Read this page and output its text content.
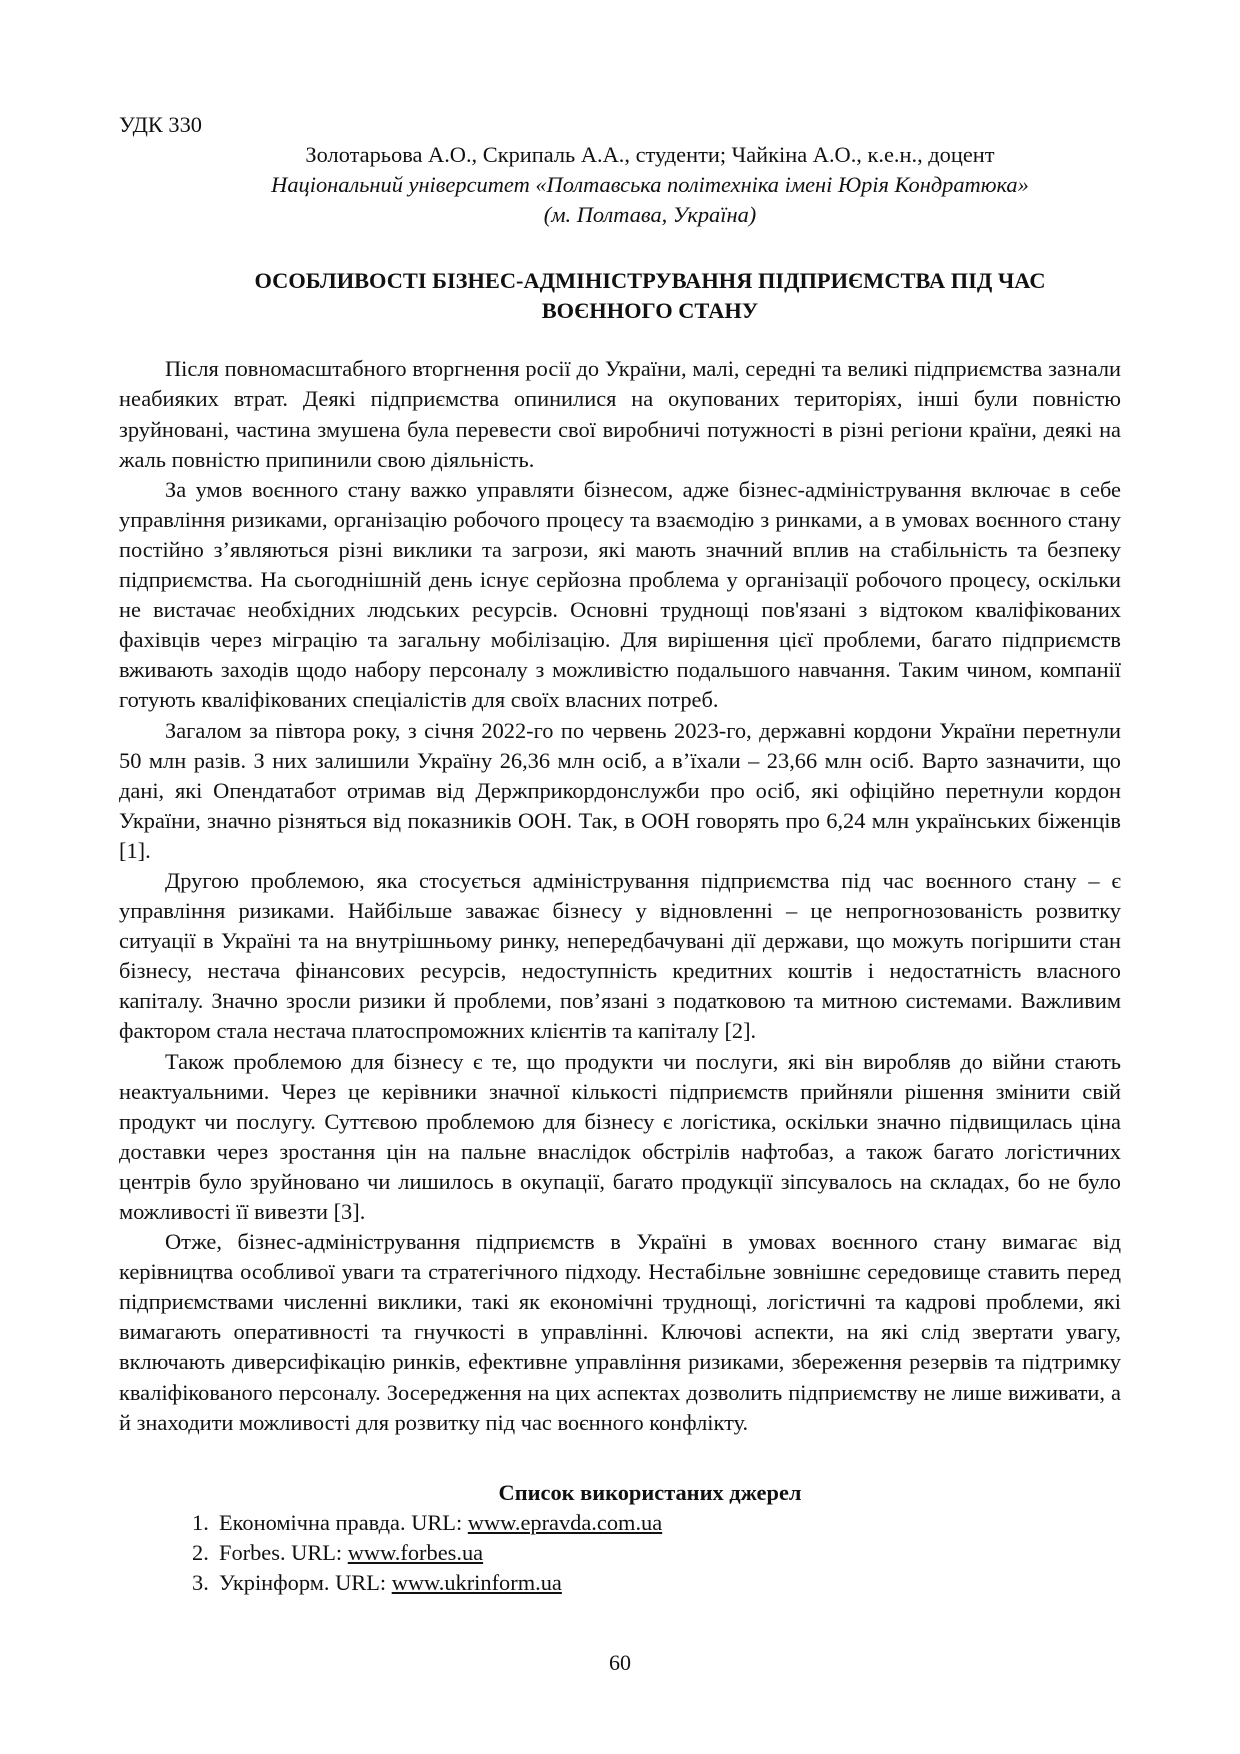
УДК 330

Золотарьова А.О., Скрипаль А.А., студенти; Чайкіна А.О., к.е.н., доцент

Національний університет «Полтавська політехніка імені Юрія Кондратюка»

(м. Полтава, Україна)

ОСОБЛИВОСТІ БІЗНЕС-АДМІНІСТРУВАННЯ ПІДПРИЄМСТВА ПІД ЧАС
ВОЄННОГО СТАНУ

Після повномасштабного вторгнення росії до України, малі, середні та великі підприємства зазнали неабияких втрат. Деякі підприємства опинилися на окупованих територіях, інші були повністю зруйновані, частина змушена була перевести свої виробничі потужності в різні регіони країни, деякі на жаль повністю припинили свою діяльність.

За умов воєнного стану важко управляти бізнесом, адже бізнес-адміністрування включає в себе управління ризиками, організацію робочого процесу та взаємодію з ринками, а в умовах воєнного стану постійно з’являються різні виклики та загрози, які мають значний вплив на стабільність та безпеку підприємства. На сьогоднішній день існує серйозна проблема у організації робочого процесу, оскільки не вистачає необхідних людських ресурсів. Основні труднощі пов'язані з відтоком кваліфікованих фахівців через міграцію та загальну мобілізацію. Для вирішення цієї проблеми, багато підприємств вживають заходів щодо набору персоналу з можливістю подальшого навчання. Таким чином, компанії готують кваліфікованих спеціалістів для своїх власних потреб.

Загалом за півтора року, з січня 2022-го по червень 2023-го, державні кордони України перетнули 50 млн разів. З них залишили Україну 26,36 млн осіб, а в’їхали – 23,66 млн осіб. Варто зазначити, що дані, які Опендатабот отримав від Держприкордонслужби про осіб, які офіційно перетнули кордон України, значно різняться від показників ООН. Так, в ООН говорять про 6,24 млн українських біженців [1].

Другою проблемою, яка стосується адміністрування підприємства під час воєнного стану – є управління ризиками. Найбільше заважає бізнесу у відновленні – це непрогнозованість розвитку ситуації в Україні та на внутрішньому ринку, непередбачувані дії держави, що можуть погіршити стан бізнесу, нестача фінансових ресурсів, недоступність кредитних коштів і недостатність власного капіталу. Значно зросли ризики й проблеми, пов’язані з податковою та митною системами. Важливим фактором стала нестача платоспроможних клієнтів та капіталу [2].

Також проблемою для бізнесу є те, що продукти чи послуги, які він виробляв до війни стають неактуальними. Через це керівники значної кількості підприємств прийняли рішення змінити свій продукт чи послугу. Суттєвою проблемою для бізнесу є логістика, оскільки значно підвищилась ціна доставки через зростання цін на пальне внаслідок обстрілів нафтобаз, а також багато логістичних центрів було зруйновано чи лишилось в окупації, багато продукції зіпсувалось на складах, бо не було можливості її вивезти [3].

Отже, бізнес-адміністрування підприємств в Україні в умовах воєнного стану вимагає від керівництва особливої уваги та стратегічного підходу. Нестабільне зовнішнє середовище ставить перед підприємствами численні виклики, такі як економічні труднощі, логістичні та кадрові проблеми, які вимагають оперативності та гнучкості в управлінні. Ключові аспекти, на які слід звертати увагу, включають диверсифікацію ринків, ефективне управління ризиками, збереження резервів та підтримку кваліфікованого персоналу. Зосередження на цих аспектах дозволить підприємству не лише виживати, а й знаходити можливості для розвитку під час воєнного конфлікту.

Список використаних джерел

1. Економічна правда. URL: www.epravda.com.ua
2. Forbes. URL: www.forbes.ua
3. Укрінформ. URL: www.ukrinform.ua
60
